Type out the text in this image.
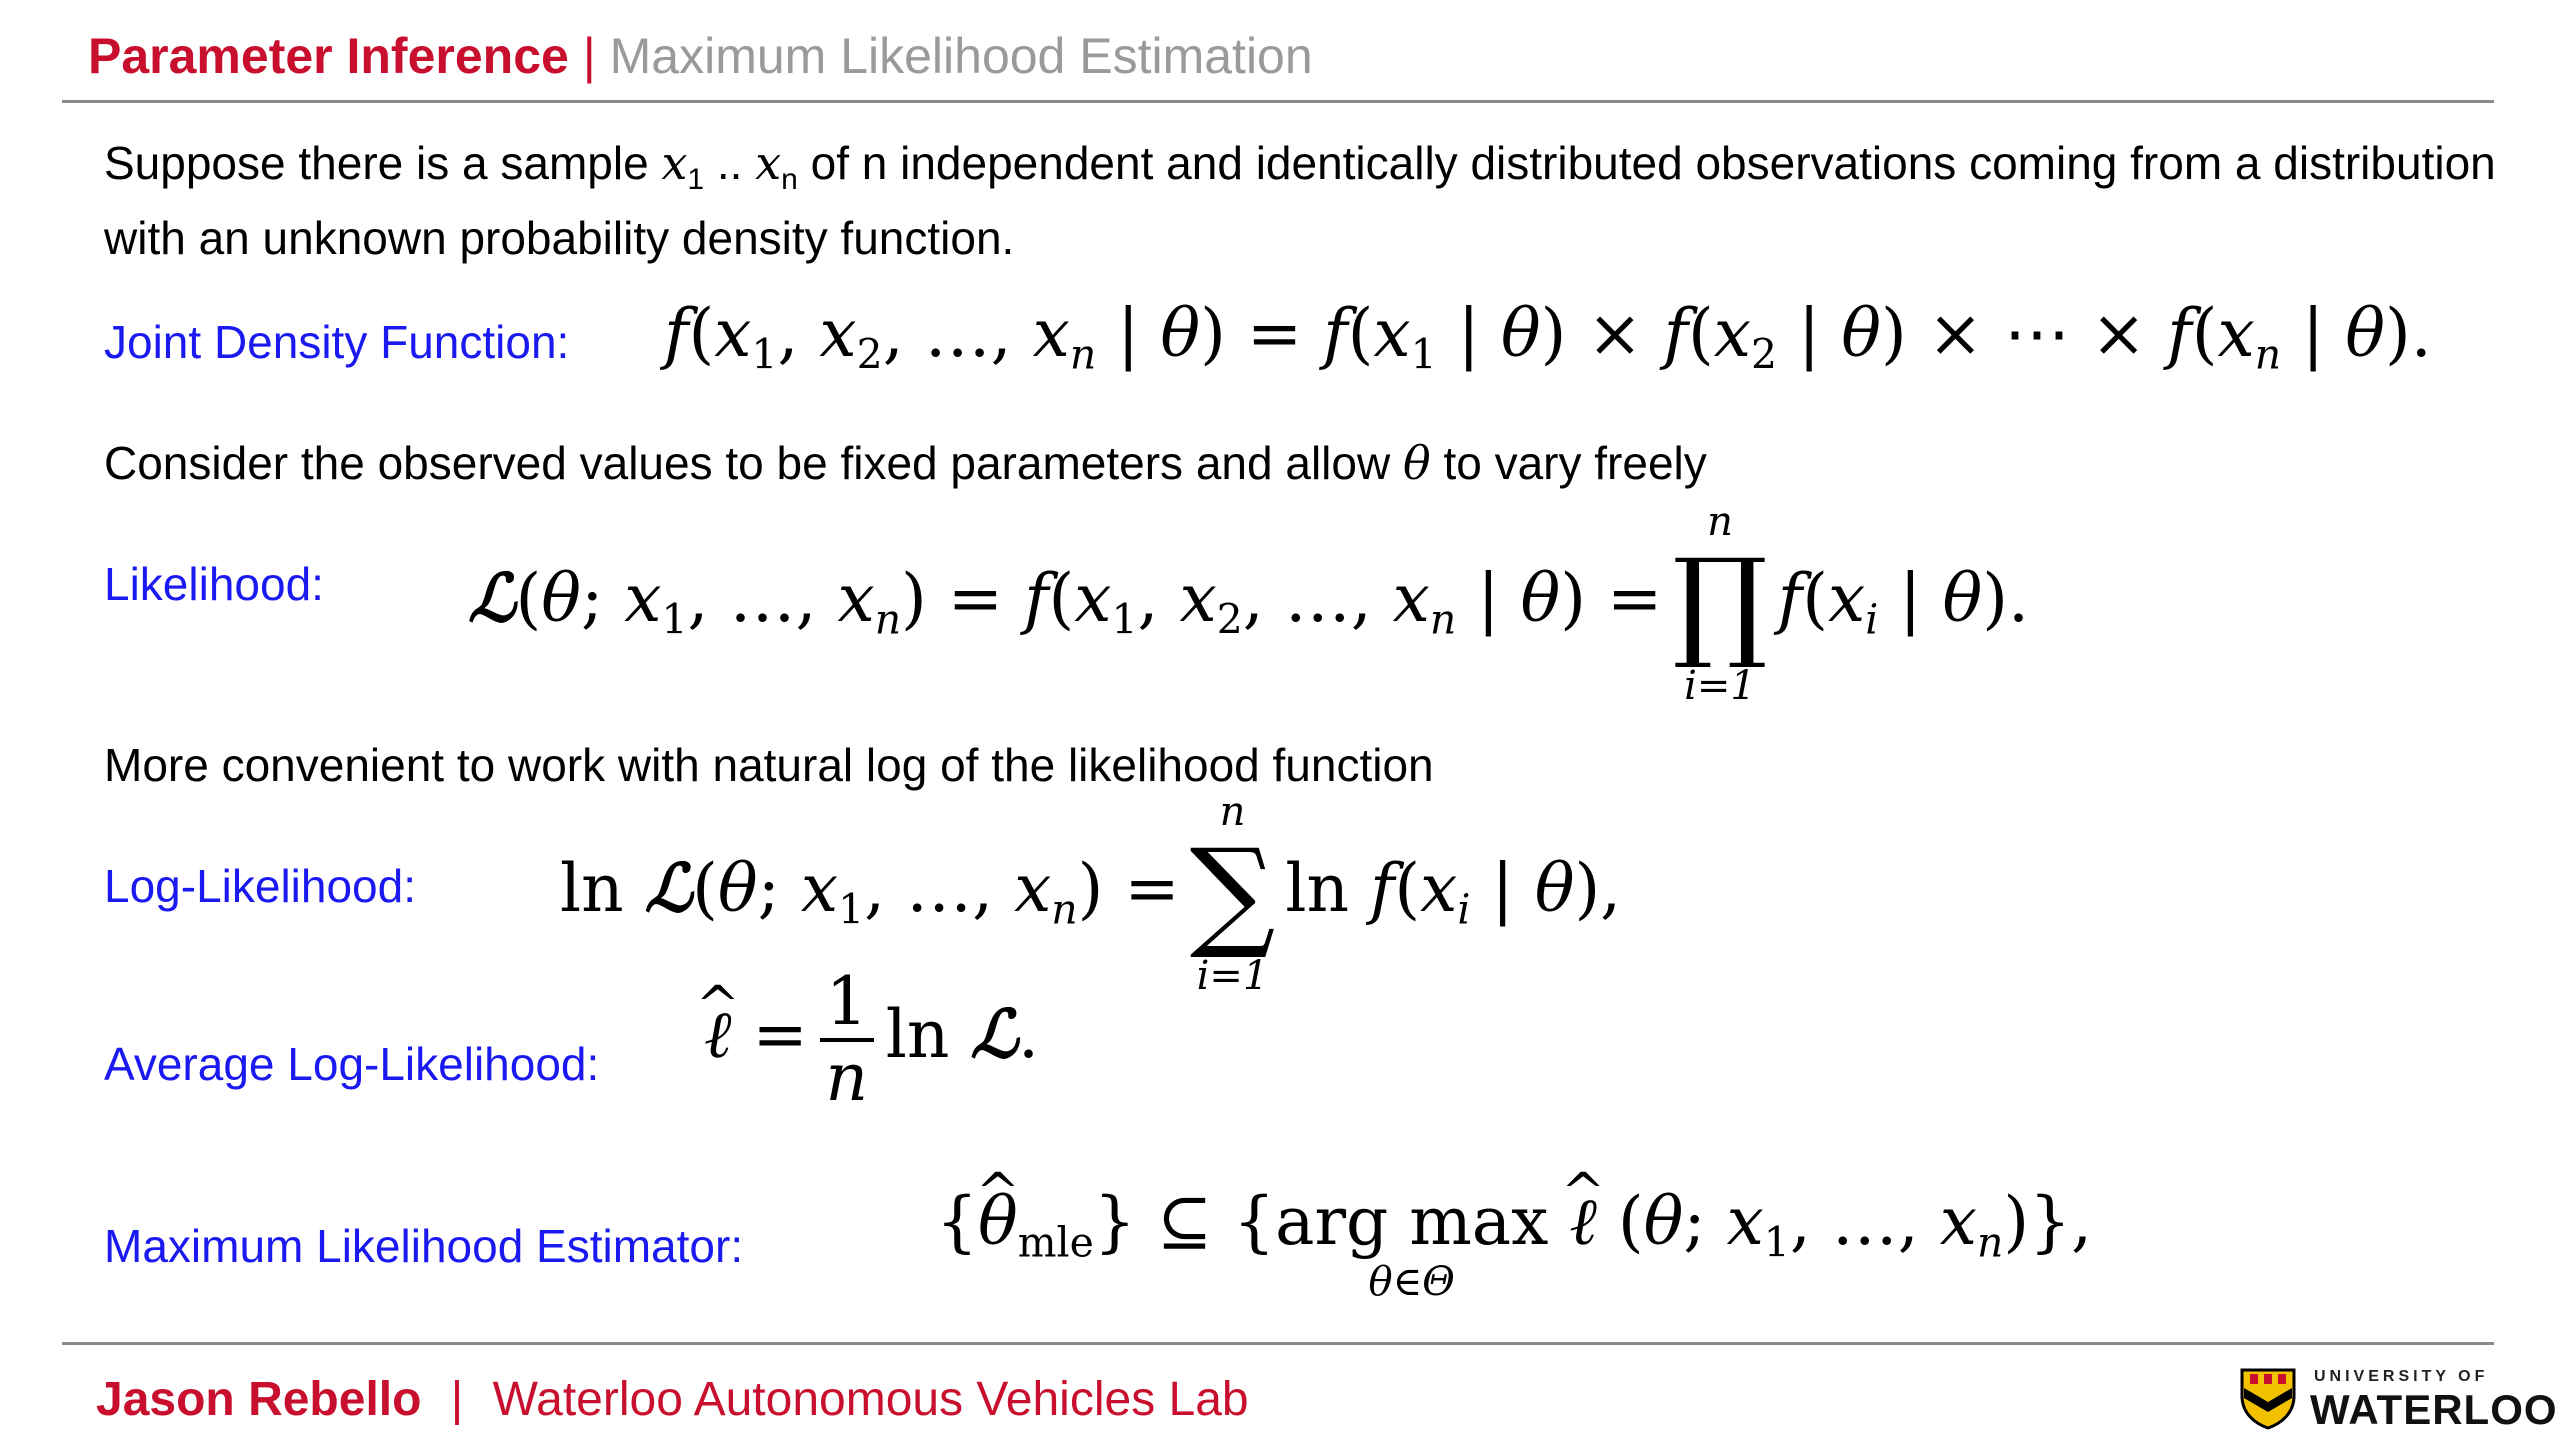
Parameter Inference | Maximum Likelihood Estimation
Suppose there is a sample $x_1$ .. $x_n$ of n independent and identically distributed observations coming from a distribution with an unknown probability density function.
Joint Density Function: $f(x_1$, $x_2$, …, xn | $\theta) = f(x_1$ | $\theta) \times f(x_2$ | θ) × ⋯ × f(xn | θ).
Consider the observed values to be fixed parameters and allow θ to vary freely
Likelihood: ℒ(θ; $x_1$, …, $xn) = f(x_1$, $x_2$, …, xn | θ) =
n
∏
i=1
f(xi | θ).
More convenient to work with natural log of the likelihood function
Log-Likelihood: ln ℒ(θ; $x_1$, …, xn) =
n
∑
i=1
ln f(xi | θ),
Average Log-Likelihood:
^ ℓ = $\frac{1}{n}$ ln ℒ.
Maximum Likelihood Estimator:	{^ $\theta_{mle}$} ⊆ {arg max
θ∈Θ
^ ℓ (θ; $x_1$, …, xn)},
Jason Rebello | Waterloo Autonomous Vehicles Lab	UNIVERSITY OF
WATERLOO
